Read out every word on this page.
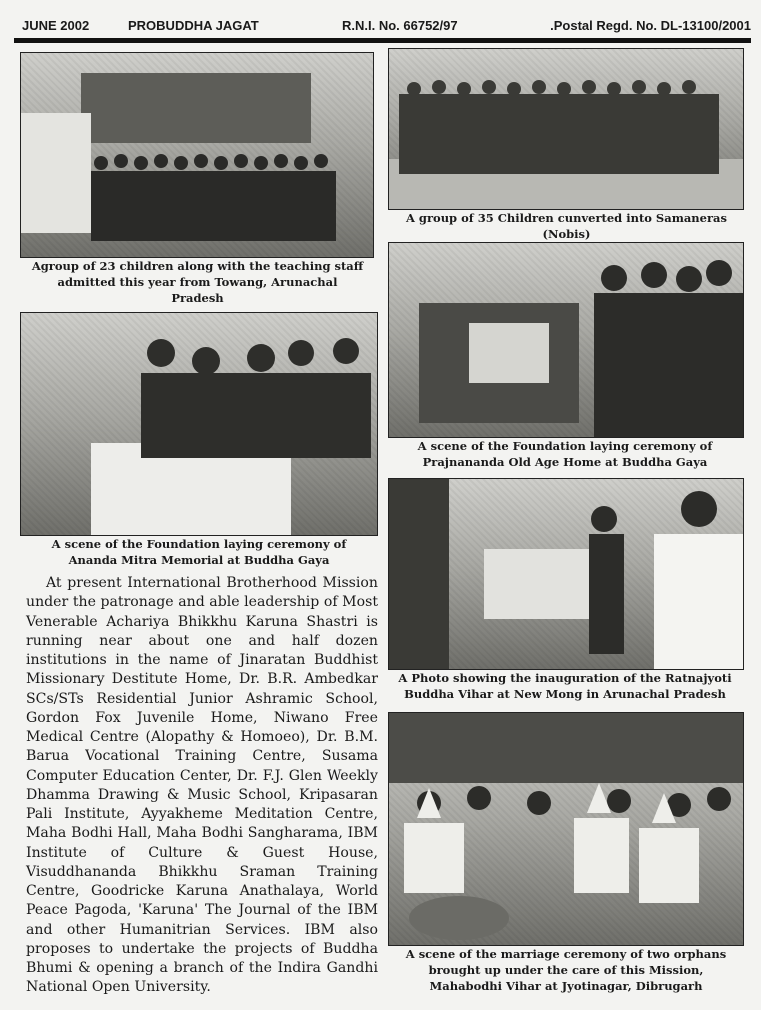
JUNE 2002	PROBUDDHA JAGAT	R.N.I. No. 66752/97	.Postal Regd. No. DL-13100/2001
Agroup of 23 children along with the teaching staff admitted this year from Towang, Arunachal Pradesh
A group of 35 Children cunverted into Samaneras (Nobis)
A scene of the Foundation laying ceremony of Ananda Mitra Memorial at Buddha Gaya
A scene of the Foundation laying ceremony of Prajnananda Old Age Home at Buddha Gaya
A Photo showing the inauguration of the Ratnajyoti Buddha Vihar at New Mong in Arunachal Pradesh
A scene of the marriage ceremony of two orphans brought up under the care of this Mission, Mahabodhi Vihar at Jyotinagar, Dibrugarh

At present International Brotherhood Mission under the patronage and able leadership of Most Venerable Achariya Bhikkhu Karuna Shastri is running near about one and half dozen institutions in the name of Jinaratan Buddhist Missionary Destitute Home, Dr. B.R. Ambedkar SCs/STs Residential Junior Ashramic School, Gordon Fox Juvenile Home, Niwano Free Medical Centre (Alopathy & Homoeo), Dr. B.M. Barua Vocational Training Centre, Susama Computer Education Center, Dr. F.J. Glen Weekly Dhamma Drawing & Music School, Kripasaran Pali Institute, Ayyakheme Meditation Centre, Maha Bodhi Hall, Maha Bodhi Sangharama, IBM Institute of Culture & Guest House, Visuddhananda Bhikkhu Sraman Training Centre, Goodricke Karuna Anathalaya, World Peace Pagoda, 'Karuna' The Journal of the IBM and other Humanitrian Services. IBM also proposes to undertake the projects of Buddha Bhumi & opening a branch of the Indira Gandhi National Open University.
